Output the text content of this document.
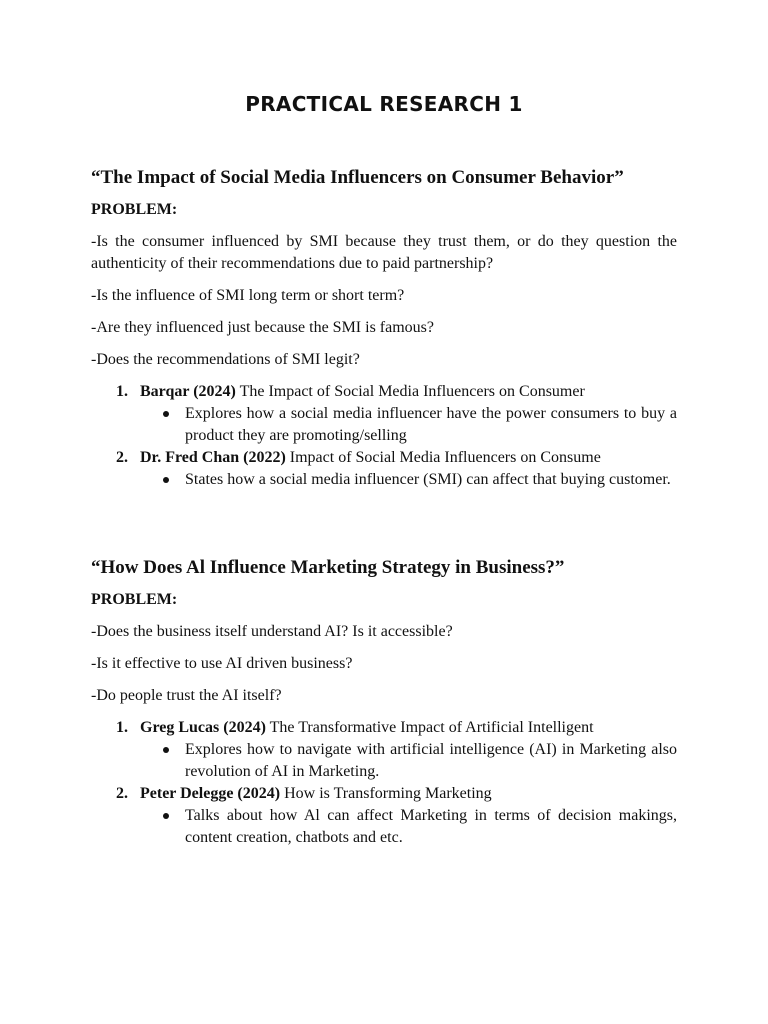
PRACTICAL RESEARCH 1
“The Impact of Social Media Influencers on Consumer Behavior”

PROBLEM:

-Is the consumer influenced by SMI because they trust them, or do they question the authenticity of their recommendations due to paid partnership?

-Is the influence of SMI long term or short term?

-Are they influenced just because the SMI is famous?

-Does the recommendations of SMI legit?

1. Barqar (2024) The Impact of Social Media Influencers on Consumer
Explores how a social media influencer have the power consumers to buy a product they are promoting/selling
2. Dr. Fred Chan (2022) Impact of Social Media Influencers on Consume
States how a social media influencer (SMI) can affect that buying customer.
“How Does Al Influence Marketing Strategy in Business?”

PROBLEM:

-Does the business itself understand AI? Is it accessible?

-Is it effective to use AI driven business?

-Do people trust the AI itself?

1. Greg Lucas (2024) The Transformative Impact of Artificial Intelligent
Explores how to navigate with artificial intelligence (AI) in Marketing also revolution of AI in Marketing.
2. Peter Delegge (2024) How is Transforming Marketing
Talks about how Al can affect Marketing in terms of decision makings, content creation, chatbots and etc.
